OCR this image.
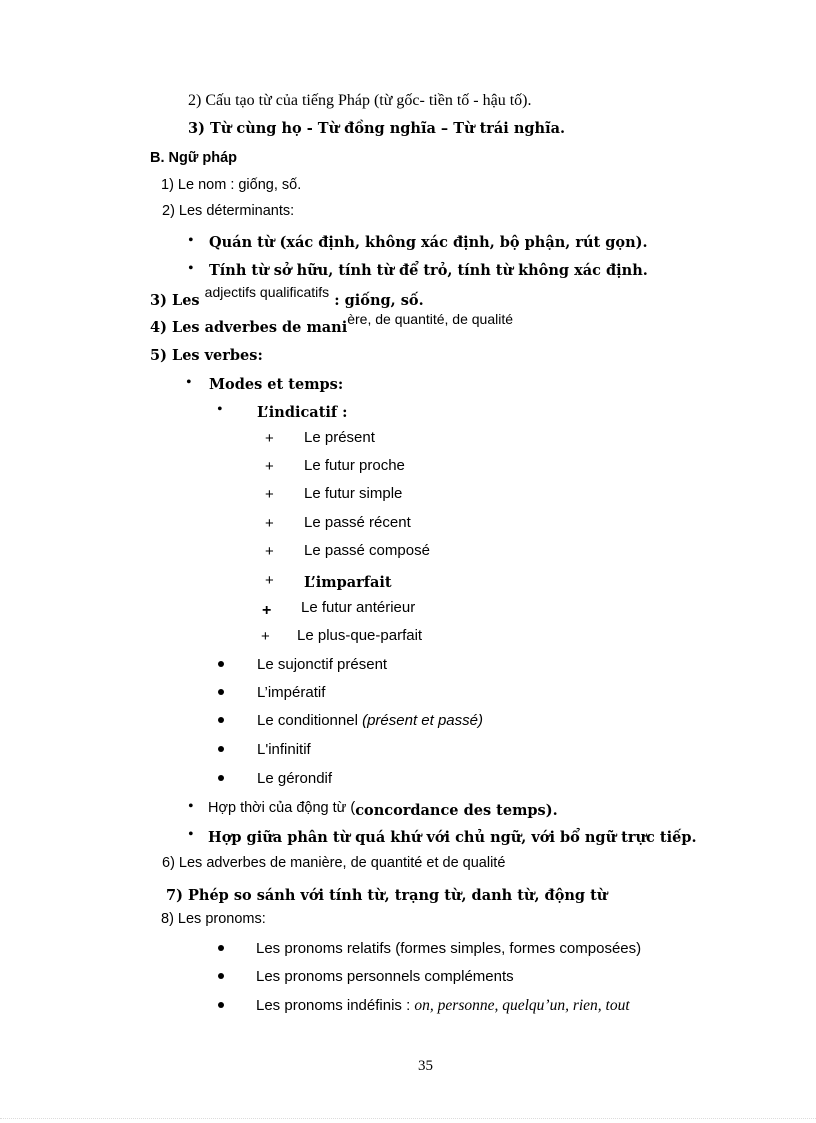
2) Cấu tạo từ của tiếng Pháp (từ gốc- tiền tố - hậu tố).
3) Từ cùng họ - Từ đồng nghĩa – Từ trái nghĩa.
B. Ngữ pháp
1) Le nom : giống, số.
2) Les déterminants:
• Quán từ (xác định, không xác định, bộ phận, rút gọn).
• Tính từ sở hữu, tính từ để trỏ, tính từ không xác định.
3) Les adjectifs qualificatifs : giống, số.
4) Les adverbes de manière, de quantité, de qualité
5) Les verbes:
• Modes et temps:
• L’indicatif :
+ Le présent
+ Le futur proche
+ Le futur simple
+ Le passé récent
+ Le passé composé
+ L’imparfait
+ Le futur antérieur
+ Le plus-que-parfait
Le sujonctif présent
L’impératif
Le conditionnel (présent et passé)
L'infinitif
Le gérondif
• Hợp thời của động từ (concordance des temps).
• Hợp giữa phân từ quá khứ với chủ ngữ, với bổ ngữ trực tiếp.
6) Les adverbes de manière, de quantité et de qualité
7) Phép so sánh với tính từ, trạng từ, danh từ, động từ
8) Les pronoms:
Les pronoms relatifs (formes simples, formes composées)
Les pronoms personnels compléments
Les pronoms indéfinis : on, personne, quelqu’un, rien, tout
35
